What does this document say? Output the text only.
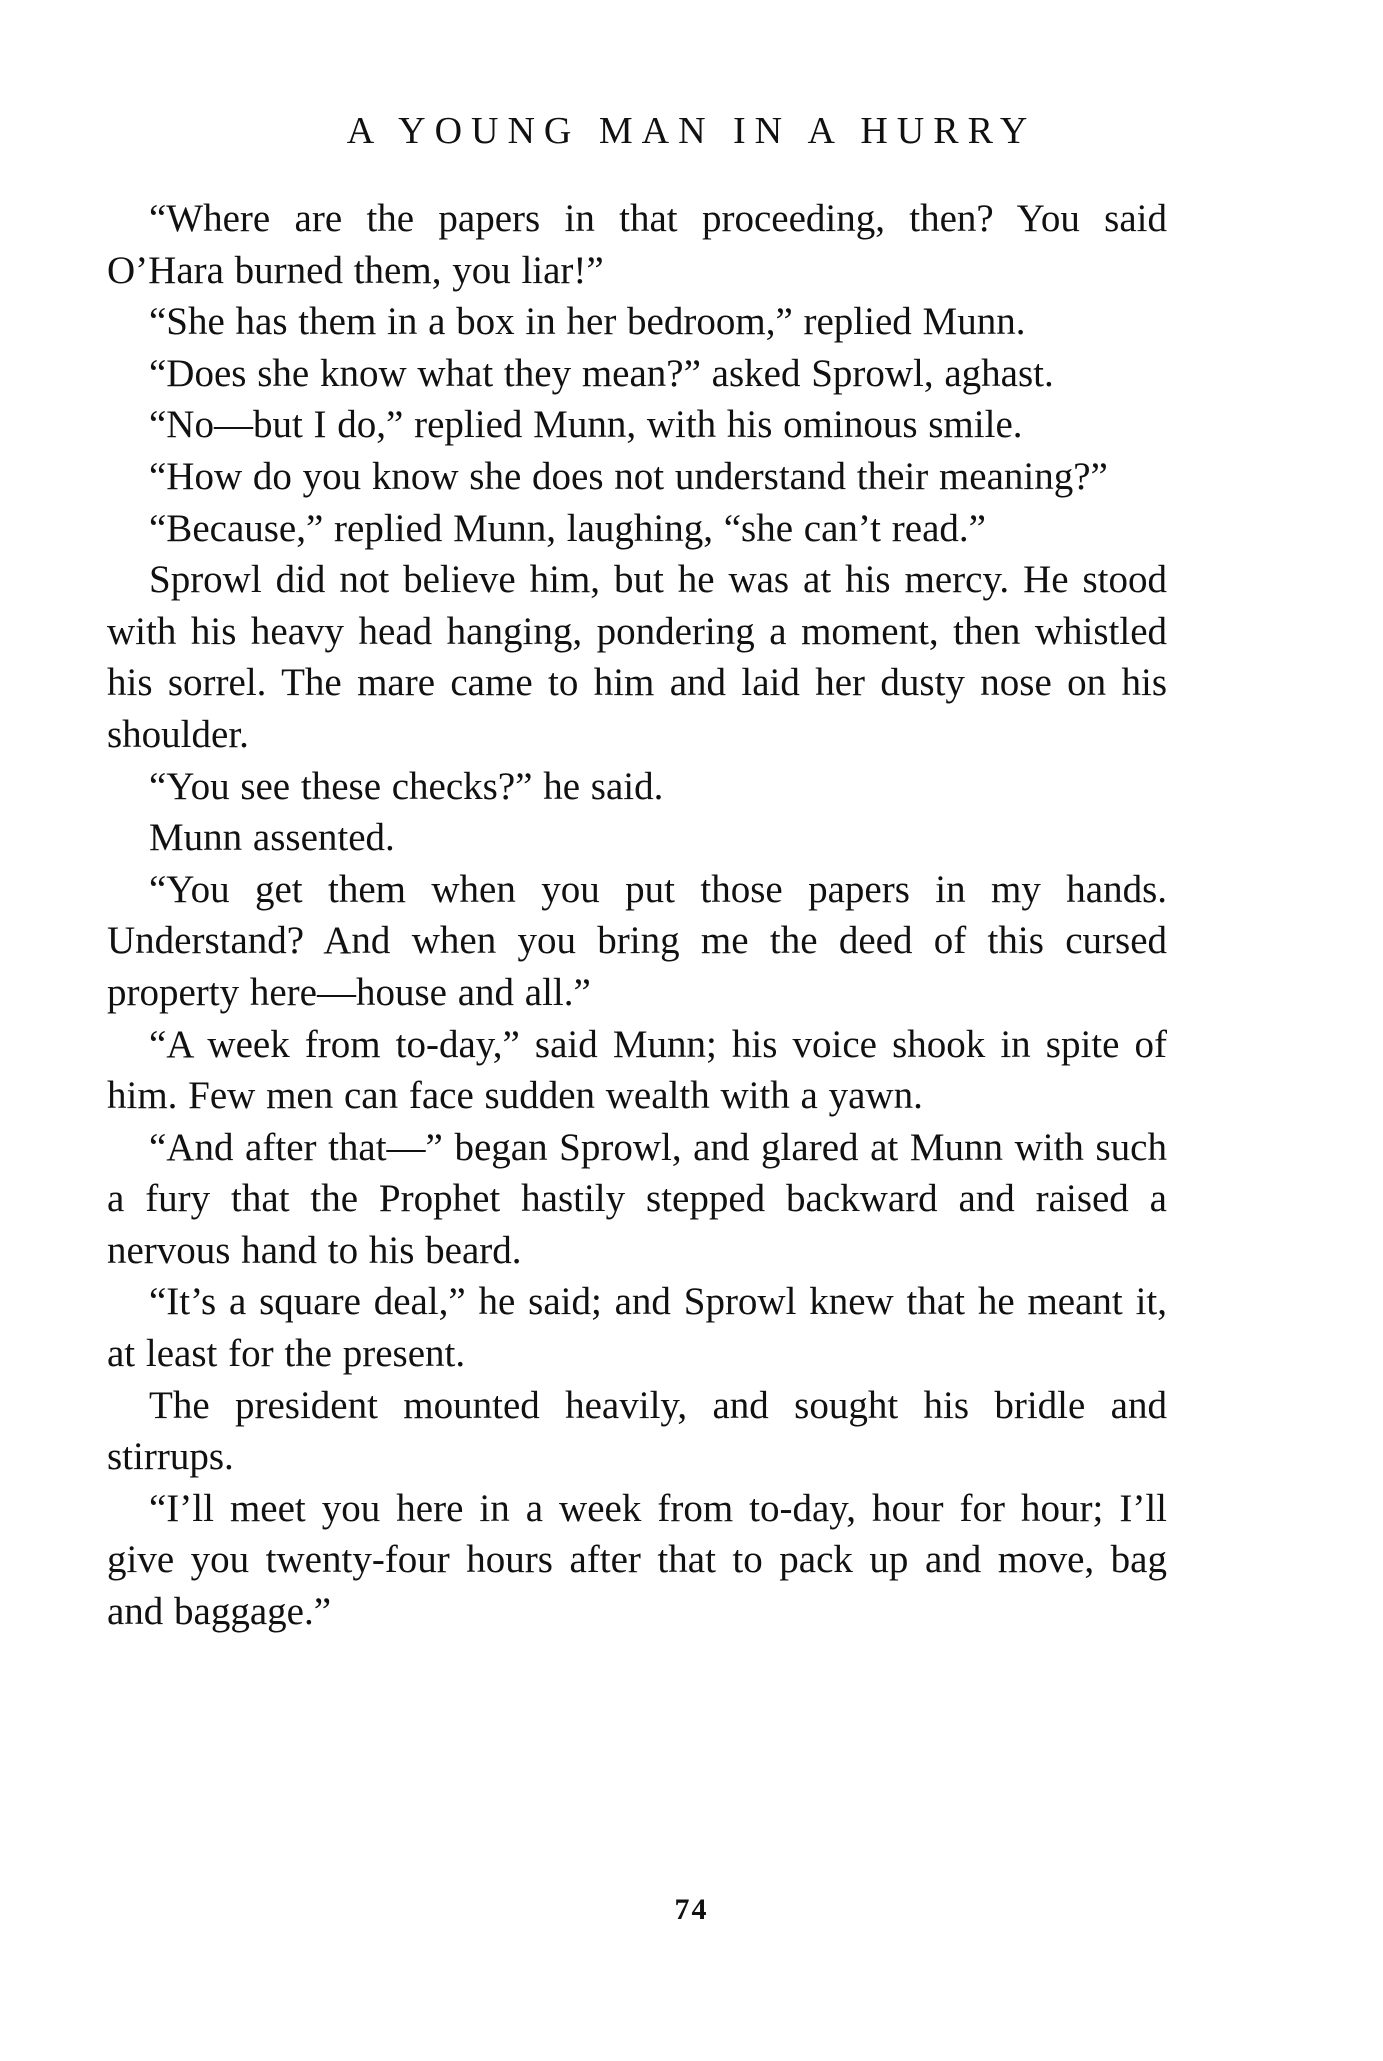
A YOUNG MAN IN A HURRY

“Where are the papers in that proceeding, then? You said O’Hara burned them, you liar!”

“She has them in a box in her bedroom,” replied Munn.

“Does she know what they mean?” asked Sprowl, aghast.

“No—but I do,” replied Munn, with his ominous smile.

“How do you know she does not understand their meaning?”

“Because,” replied Munn, laughing, “she can’t read.”

Sprowl did not believe him, but he was at his mercy. He stood with his heavy head hanging, pondering a moment, then whistled his sorrel. The mare came to him and laid her dusty nose on his shoulder.

“You see these checks?” he said.

Munn assented.

“You get them when you put those papers in my hands. Understand? And when you bring me the deed of this cursed property here—house and all.”

“A week from to-day,” said Munn; his voice shook in spite of him. Few men can face sudden wealth with a yawn.

“And after that—” began Sprowl, and glared at Munn with such a fury that the Prophet hastily stepped backward and raised a nervous hand to his beard.

“It’s a square deal,” he said; and Sprowl knew that he meant it, at least for the present.

The president mounted heavily, and sought his bridle and stirrups.

“I’ll meet you here in a week from to-day, hour for hour; I’ll give you twenty-four hours after that to pack up and move, bag and baggage.”

74
